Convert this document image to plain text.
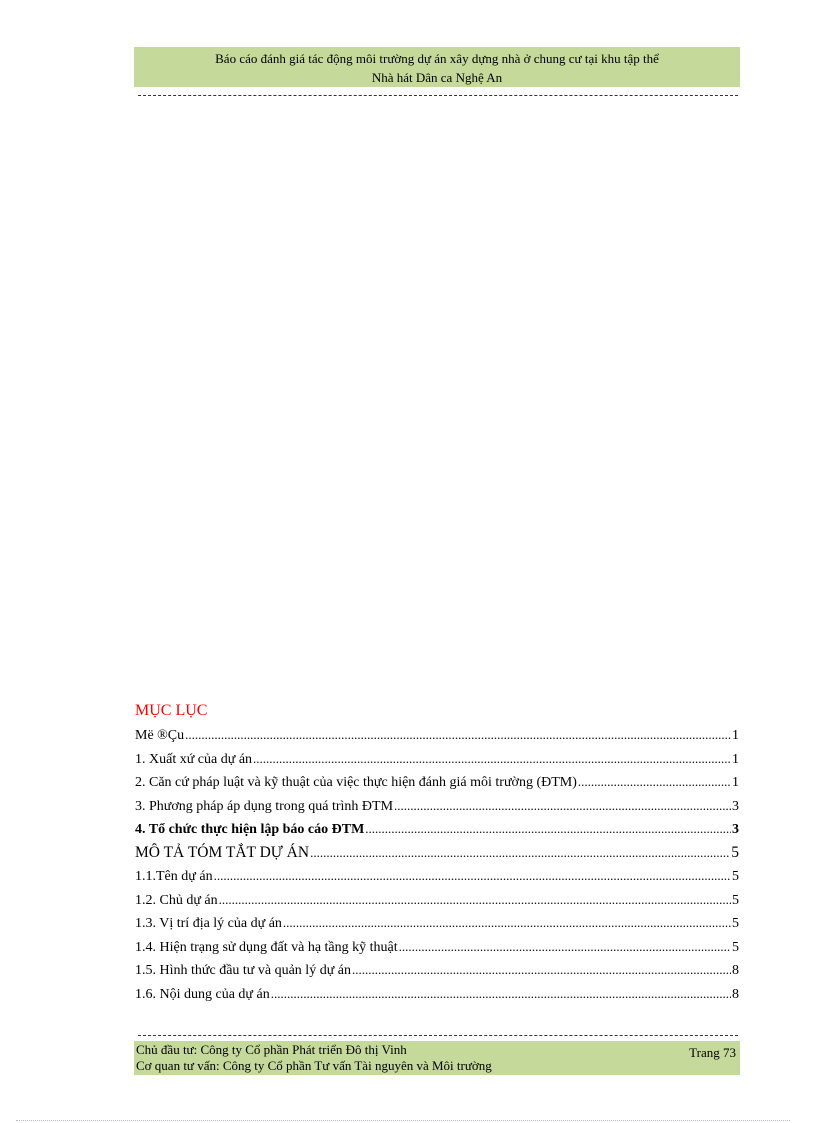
Báo cáo đánh giá tác động môi trường dự án xây dựng nhà ở chung cư tại khu tập thể
Nhà hát Dân ca Nghệ An
MỤC LỤC
Më ®Çu .....	1
1. Xuất xứ của dự án .....	1
2. Căn cứ pháp luật và kỹ thuật của việc thực hiện đánh giá môi trường (ĐTM) .....	1
3. Phương pháp áp dụng trong quá trình ĐTM .....	3
4. Tổ chức thực hiện lập báo cáo ĐTM .....	3
MÔ TẢ TÓM TẮT DỰ ÁN .....	5
1.1.Tên dự án .....	5
1.2. Chủ dự án .....	5
1.3. Vị trí địa lý của dự án .....	5
1.4. Hiện trạng sử dụng đất và hạ tầng kỹ thuật .....	5
1.5. Hình thức đầu tư và quản lý dự án .....	8
1.6. Nội dung của dự án .....	8
Chủ đầu tư: Công ty Cổ phần Phát triển Đô thị Vinh
Cơ quan tư vấn: Công ty Cổ phần Tư vấn Tài nguyên và Môi trường
Trang 73
